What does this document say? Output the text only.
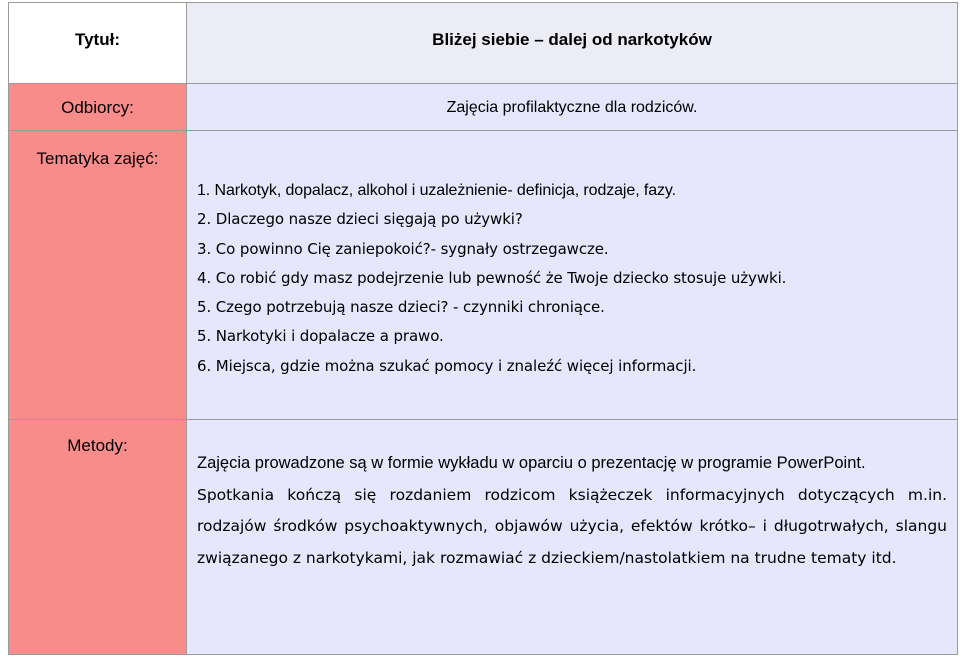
Tytuł:	Bliżej siebie – dalej od narkotyków
Odbiorcy:	Zajęcia profilaktyczne dla rodziców.
Tematyka zajęć:
1. Narkotyk, dopalacz, alkohol i uzależnienie- definicja, rodzaje, fazy.
2. Dlaczego nasze dzieci sięgają po używki?
3. Co powinno Cię zaniepokoić?- sygnały ostrzegawcze.
4. Co robić gdy masz podejrzenie lub pewność że Twoje dziecko stosuje używki.
5. Czego potrzebują nasze dzieci? - czynniki chroniące.
5. Narkotyki i dopalacze a prawo.
6. Miejsca, gdzie można szukać pomocy i znaleźć więcej informacji.
Metody:

Zajęcia prowadzone są w formie wykładu w oparciu o prezentację w programie PowerPoint.

Spotkania kończą się rozdaniem rodzicom książeczek informacyjnych dotyczących m.in. rodzajów środków psychoaktywnych, objawów użycia, efektów krótko– i długotrwałych, slangu związanego z narkotykami, jak rozmawiać z dzieckiem/nastolatkiem na trudne tematy itd.
